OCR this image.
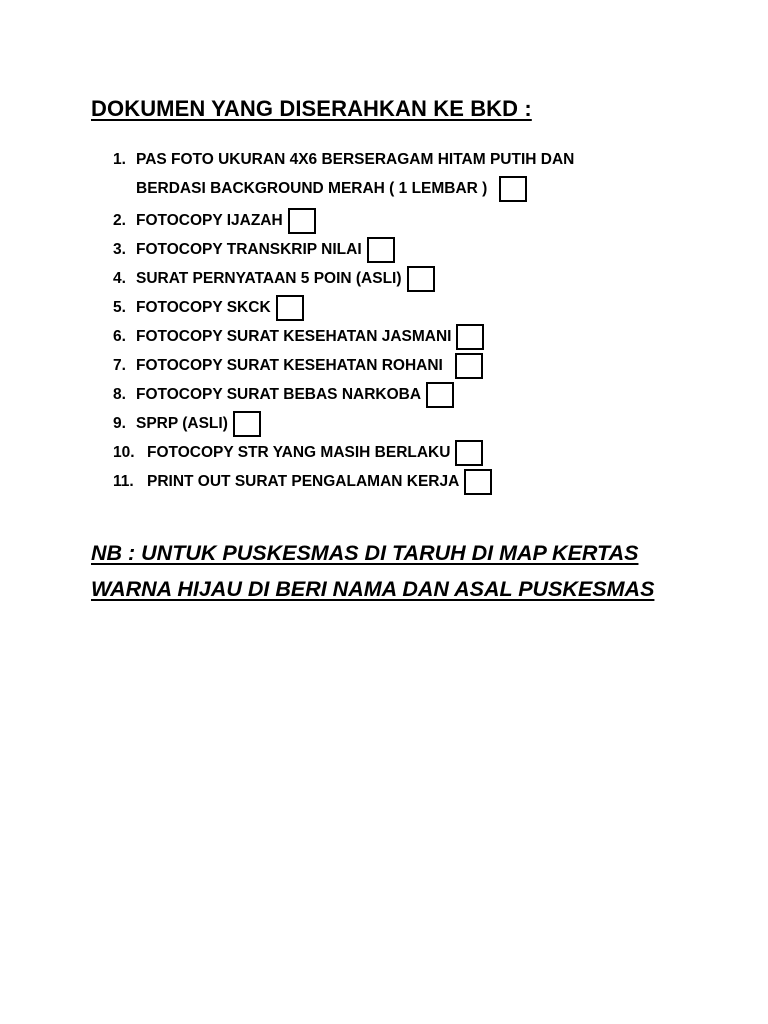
DOKUMEN YANG DISERAHKAN KE BKD :
1. PAS FOTO UKURAN 4X6 BERSERAGAM HITAM PUTIH DAN
BERDASI BACKGROUND MERAH ( 1 LEMBAR )
2. FOTOCOPY IJAZAH
3. FOTOCOPY TRANSKRIP NILAI
4. SURAT PERNYATAAN 5 POIN (ASLI)
5. FOTOCOPY SKCK
6. FOTOCOPY SURAT KESEHATAN JASMANI
7. FOTOCOPY SURAT KESEHATAN ROHANI
8. FOTOCOPY SURAT BEBAS NARKOBA
9. SPRP (ASLI)
10. FOTOCOPY STR YANG MASIH BERLAKU
11. PRINT OUT SURAT PENGALAMAN KERJA
NB : UNTUK PUSKESMAS DI TARUH DI MAP KERTAS
WARNA HIJAU DI BERI NAMA DAN ASAL PUSKESMAS
